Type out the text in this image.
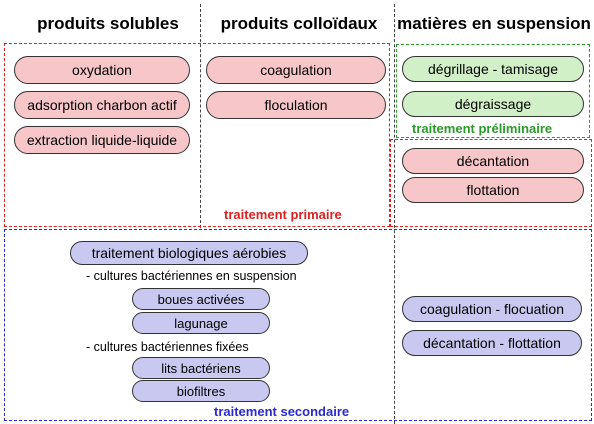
produits solubles	produits colloïdaux	matières en suspension
oxydation
adsorption charbon actif
extraction liquide-liquide
coagulation
floculation
dégrillage - tamisage
dégraissage
traitement préliminaire
décantation
flottation
traitement primaire
traitement biologiques aérobies
- cultures bactériennes en suspension
boues activées
lagunage
- cultures bactériennes fixées
lits bactériens
biofiltres
coagulation - flocuation
décantation - flottation
traitement secondaire
